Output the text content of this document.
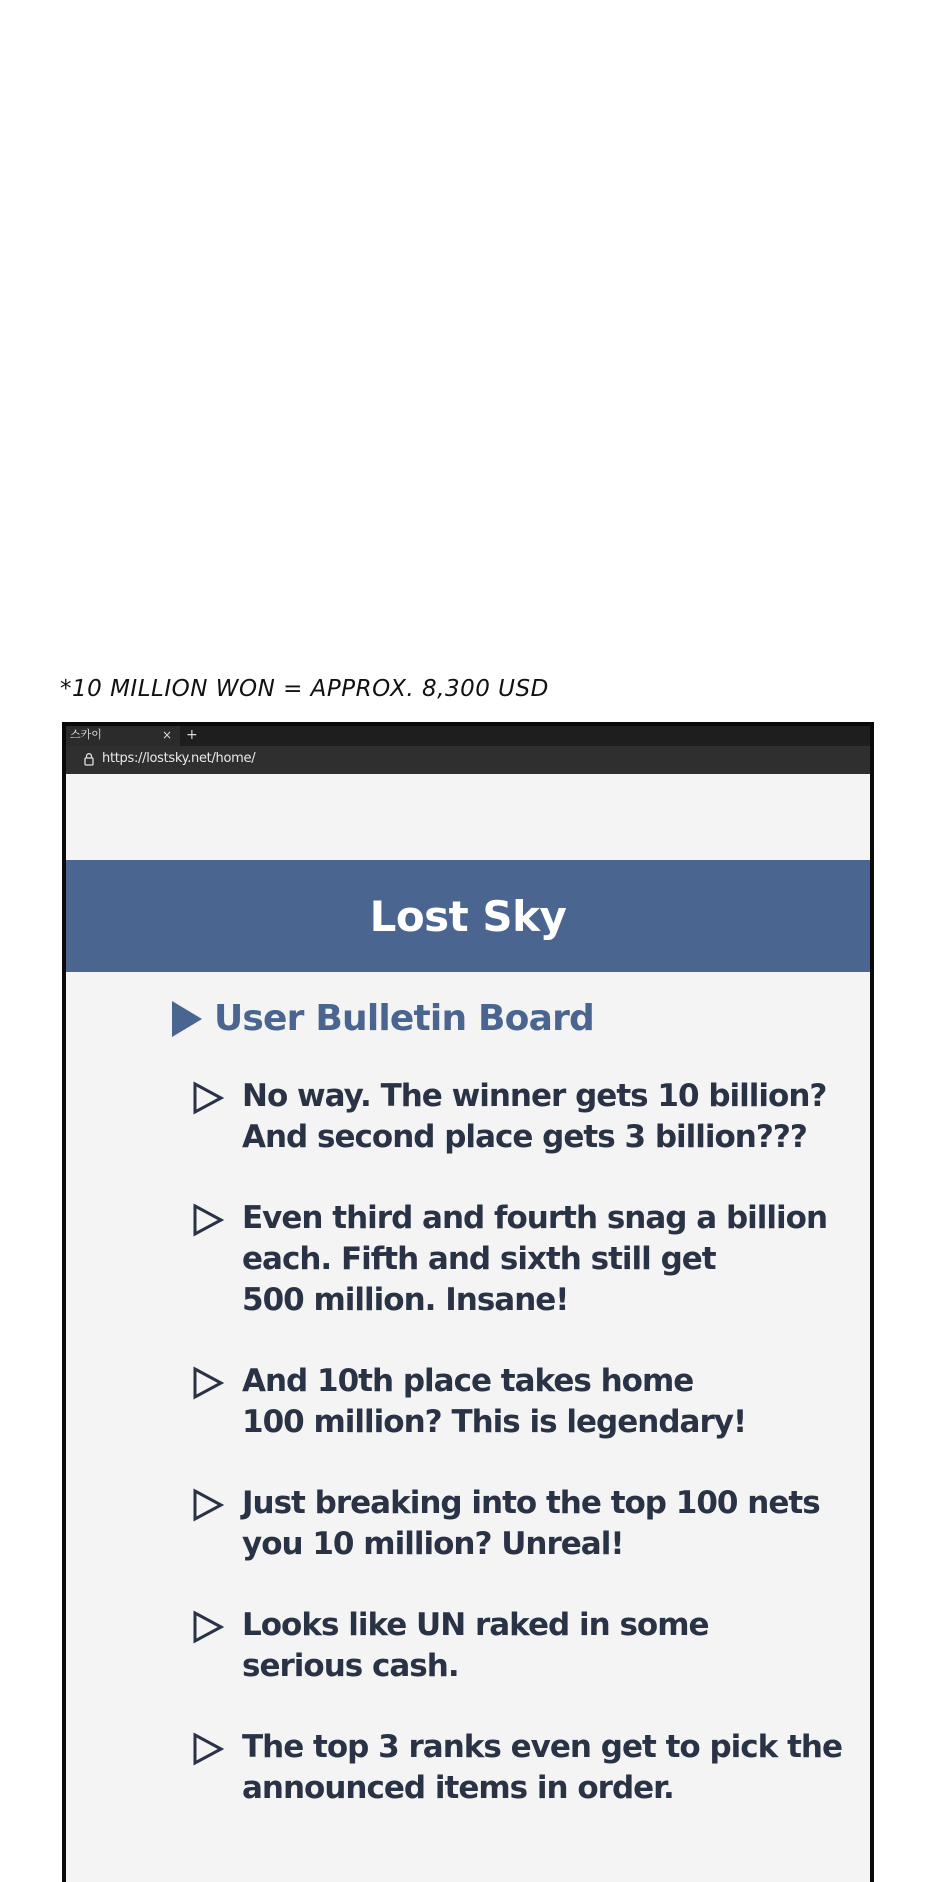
*10 MILLION WON = APPROX. 8,300 USD
스카이	× +
https://lostsky.net/home/
Lost Sky
User Bulletin Board
No way. The winner gets 10 billion?
And second place gets 3 billion???
Even third and fourth snag a billion
each. Fifth and sixth still get
500 million. Insane!
And 10th place takes home
100 million? This is legendary!
Just breaking into the top 100 nets
you 10 million? Unreal!
Looks like UN raked in some
serious cash.
The top 3 ranks even get to pick the
announced items in order.
